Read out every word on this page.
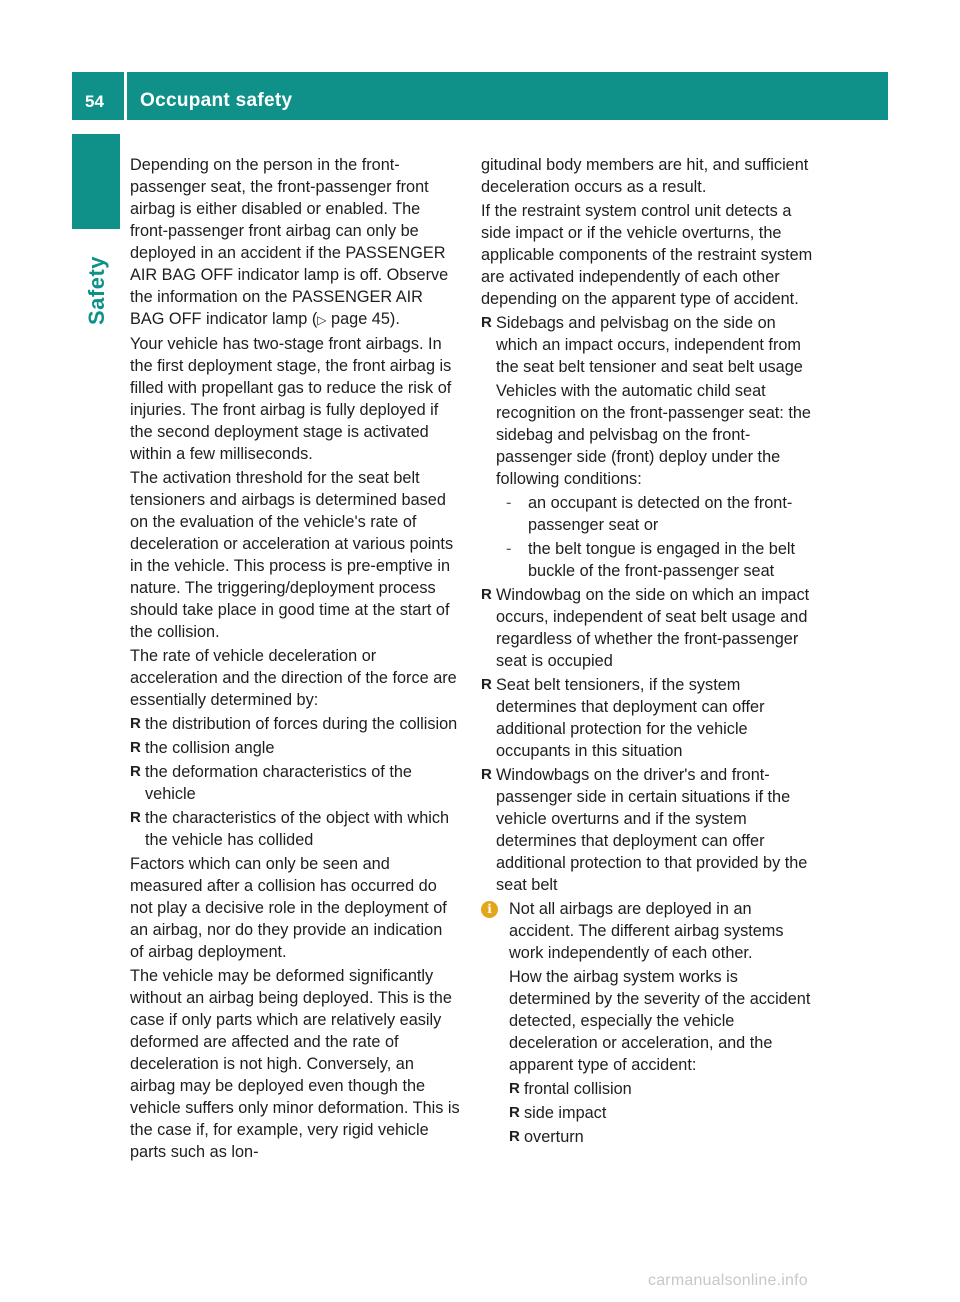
54	Occupant safety
Safety

Depending on the person in the front-passenger seat, the front-passenger front airbag is either disabled or enabled. The front-passenger front airbag can only be deployed in an accident if the PASSENGER AIR BAG OFF indicator lamp is off. Observe the information on the PASSENGER AIR BAG OFF indicator lamp (▷ page 45).

Your vehicle has two-stage front airbags. In the first deployment stage, the front airbag is filled with propellant gas to reduce the risk of injuries. The front airbag is fully deployed if the second deployment stage is activated within a few milliseconds.

The activation threshold for the seat belt tensioners and airbags is determined based on the evaluation of the vehicle's rate of deceleration or acceleration at various points in the vehicle. This process is pre-emptive in nature. The triggering/deployment process should take place in good time at the start of the collision.

The rate of vehicle deceleration or acceleration and the direction of the force are essentially determined by:

R the distribution of forces during the collision
R the collision angle
R the deformation characteristics of the vehicle
R the characteristics of the object with which the vehicle has collided

Factors which can only be seen and measured after a collision has occurred do not play a decisive role in the deployment of an airbag, nor do they provide an indication of airbag deployment.

The vehicle may be deformed significantly without an airbag being deployed. This is the case if only parts which are relatively easily deformed are affected and the rate of deceleration is not high. Conversely, an airbag may be deployed even though the vehicle suffers only minor deformation. This is the case if, for example, very rigid vehicle parts such as lon-

gitudinal body members are hit, and sufficient deceleration occurs as a result.

If the restraint system control unit detects a side impact or if the vehicle overturns, the applicable components of the restraint system are activated independently of each other depending on the apparent type of accident.

R Sidebags and pelvisbag on the side on which an impact occurs, independent from the seat belt tensioner and seat belt usage
Vehicles with the automatic child seat recognition on the front-passenger seat: the sidebag and pelvisbag on the front-passenger side (front) deploy under the following conditions:
- an occupant is detected on the front-passenger seat or
- the belt tongue is engaged in the belt buckle of the front-passenger seat
R Windowbag on the side on which an impact occurs, independent of seat belt usage and regardless of whether the front-passenger seat is occupied
R Seat belt tensioners, if the system determines that deployment can offer additional protection for the vehicle occupants in this situation
R Windowbags on the driver's and front-passenger side in certain situations if the vehicle overturns and if the system determines that deployment can offer additional protection to that provided by the seat belt
i	Not all airbags are deployed in an accident. The different airbag systems work independently of each other.
How the airbag system works is determined by the severity of the accident detected, especially the vehicle deceleration or acceleration, and the apparent type of accident:
R frontal collision
R side impact
R overturn
carmanualsonline.info
